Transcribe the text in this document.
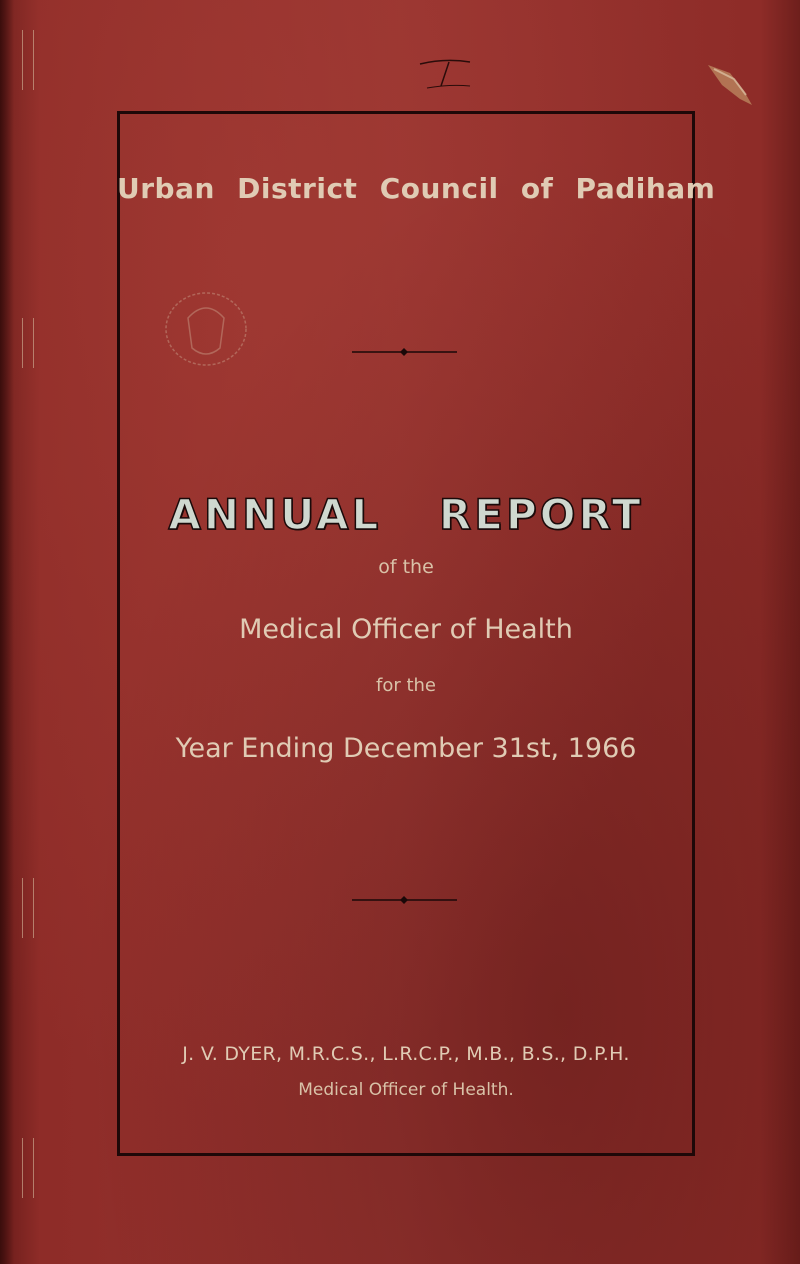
Urban District Council of Padiham
ANNUAL REPORT
of the
Medical Officer of Health
for the
Year Ending December 31st, 1966
J. V. DYER, M.R.C.S., L.R.C.P., M.B., B.S., D.P.H.
Medical Officer of Health.
